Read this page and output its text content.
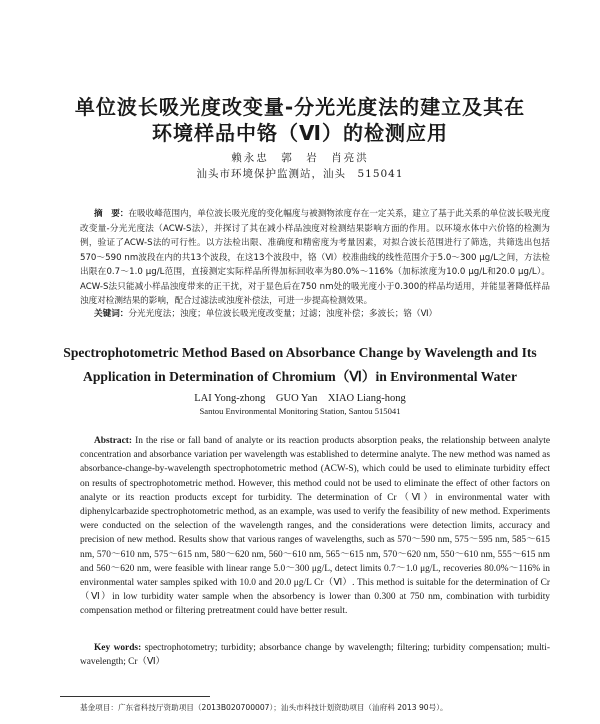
单位波长吸光度改变量-分光光度法的建立及其在
环境样品中铬（Ⅵ）的检测应用
赖永忠　郭　岩　肖亮洪
汕头市环境保护监测站，汕头　515041
摘　要：在吸收峰范围内，单位波长吸光度的变化幅度与被测物浓度存在一定关系，建立了基于此关系的单位波长吸光度改变量-分光光度法（ACW-S法），并探讨了其在减小样品浊度对检测结果影响方面的作用。以环境水体中六价铬的检测为例，验证了ACW-S法的可行性。以方法检出限、准确度和精密度为考量因素，对拟合波长范围进行了筛选，共筛选出包括570～590 nm波段在内的共13个波段，在这13个波段中，铬（Ⅵ）校准曲线的线性范围介于5.0～300 μg/L之间，方法检出限在0.7～1.0 μg/L范围，直接测定实际样品所得加标回收率为80.0%～116%（加标浓度为10.0 μg/L和20.0 μg/L）。ACW-S法只能减小样品浊度带来的正干扰，对于显色后在750 nm处的吸光度小于0.300的样品均适用，并能显著降低样品浊度对检测结果的影响，配合过滤法或浊度补偿法，可进一步提高检测效果。
关键词：分光光度法；浊度；单位波长吸光度改变量；过滤；浊度补偿；多波长；铬（Ⅵ）
Spectrophotometric Method Based on Absorbance Change by Wavelength and Its
Application in Determination of Chromium（Ⅵ）in Environmental Water
LAI Yong-zhong　GUO Yan　XIAO Liang-hong
Santou Environmental Monitoring Station, Santou 515041
Abstract: In the rise or fall band of analyte or its reaction products absorption peaks, the relationship between analyte concentration and absorbance variation per wavelength was established to determine analyte. The new method was named as absorbance-change-by-wavelength spectrophotometric method (ACW-S), which could be used to eliminate turbidity effect on results of spectrophotometric method. However, this method could not be used to eliminate the effect of other factors on analyte or its reaction products except for turbidity. The determination of Cr（Ⅵ）in environmental water with diphenylcarbazide spectrophotometric method, as an example, was used to verify the feasibility of new method. Experiments were conducted on the selection of the wavelength ranges, and the considerations were detection limits, accuracy and precision of new method. Results show that various ranges of wavelengths, such as 570～590 nm, 575～595 nm, 585～615 nm, 570～610 nm, 575～615 nm, 580～620 nm, 560～610 nm, 565～615 nm, 570～620 nm, 550～610 nm, 555～615 nm and 560～620 nm, were feasible with linear range 5.0～300 μg/L, detect limits 0.7～1.0 μg/L, recoveries 80.0%～116% in environmental water samples spiked with 10.0 and 20.0 μg/L Cr（Ⅵ）. This method is suitable for the determination of Cr（Ⅵ）in low turbidity water sample when the absorbency is lower than 0.300 at 750 nm, combination with turbidity compensation method or filtering pretreatment could have better result.
Key words: spectrophotometry; turbidity; absorbance change by wavelength; filtering; turbidity compensation; multi-wavelength; Cr（Ⅵ）
基金项目：广东省科技厅资助项目（2013B020700007）；汕头市科技计划资助项目（汕府科 2013 90号）。
